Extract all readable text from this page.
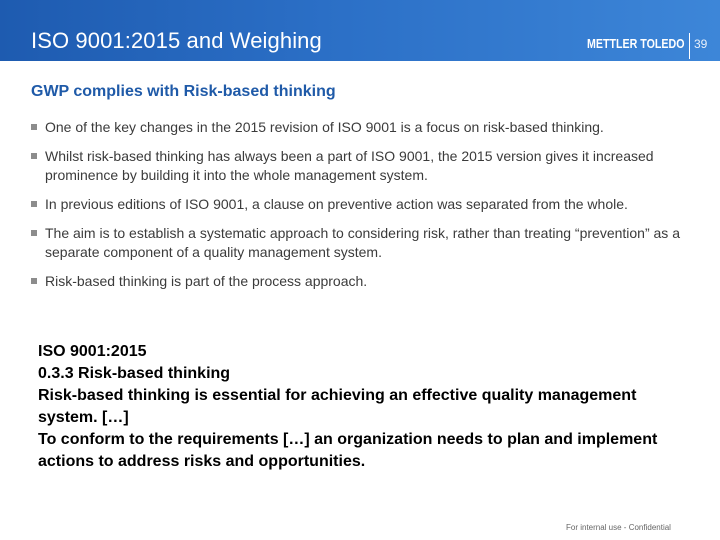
ISO 9001:2015 and Weighing	METTLER TOLEDO 39
GWP complies with Risk-based thinking
One of the key changes in the 2015 revision of ISO 9001 is a focus on risk-based thinking.
Whilst risk-based thinking has always been a part of ISO 9001, the 2015 version gives it increased prominence by building it into the whole management system.
In previous editions of ISO 9001, a clause on preventive action was separated from the whole.
The aim is to establish a systematic approach to considering risk, rather than treating “prevention” as a separate component of a quality management system.
Risk-based thinking is part of the process approach.
ISO 9001:2015
0.3.3 Risk-based thinking
Risk-based thinking is essential for achieving an effective quality management system. […]
To conform to the requirements […] an organization needs to plan and implement actions to address risks and opportunities.
For internal use - Confidential
